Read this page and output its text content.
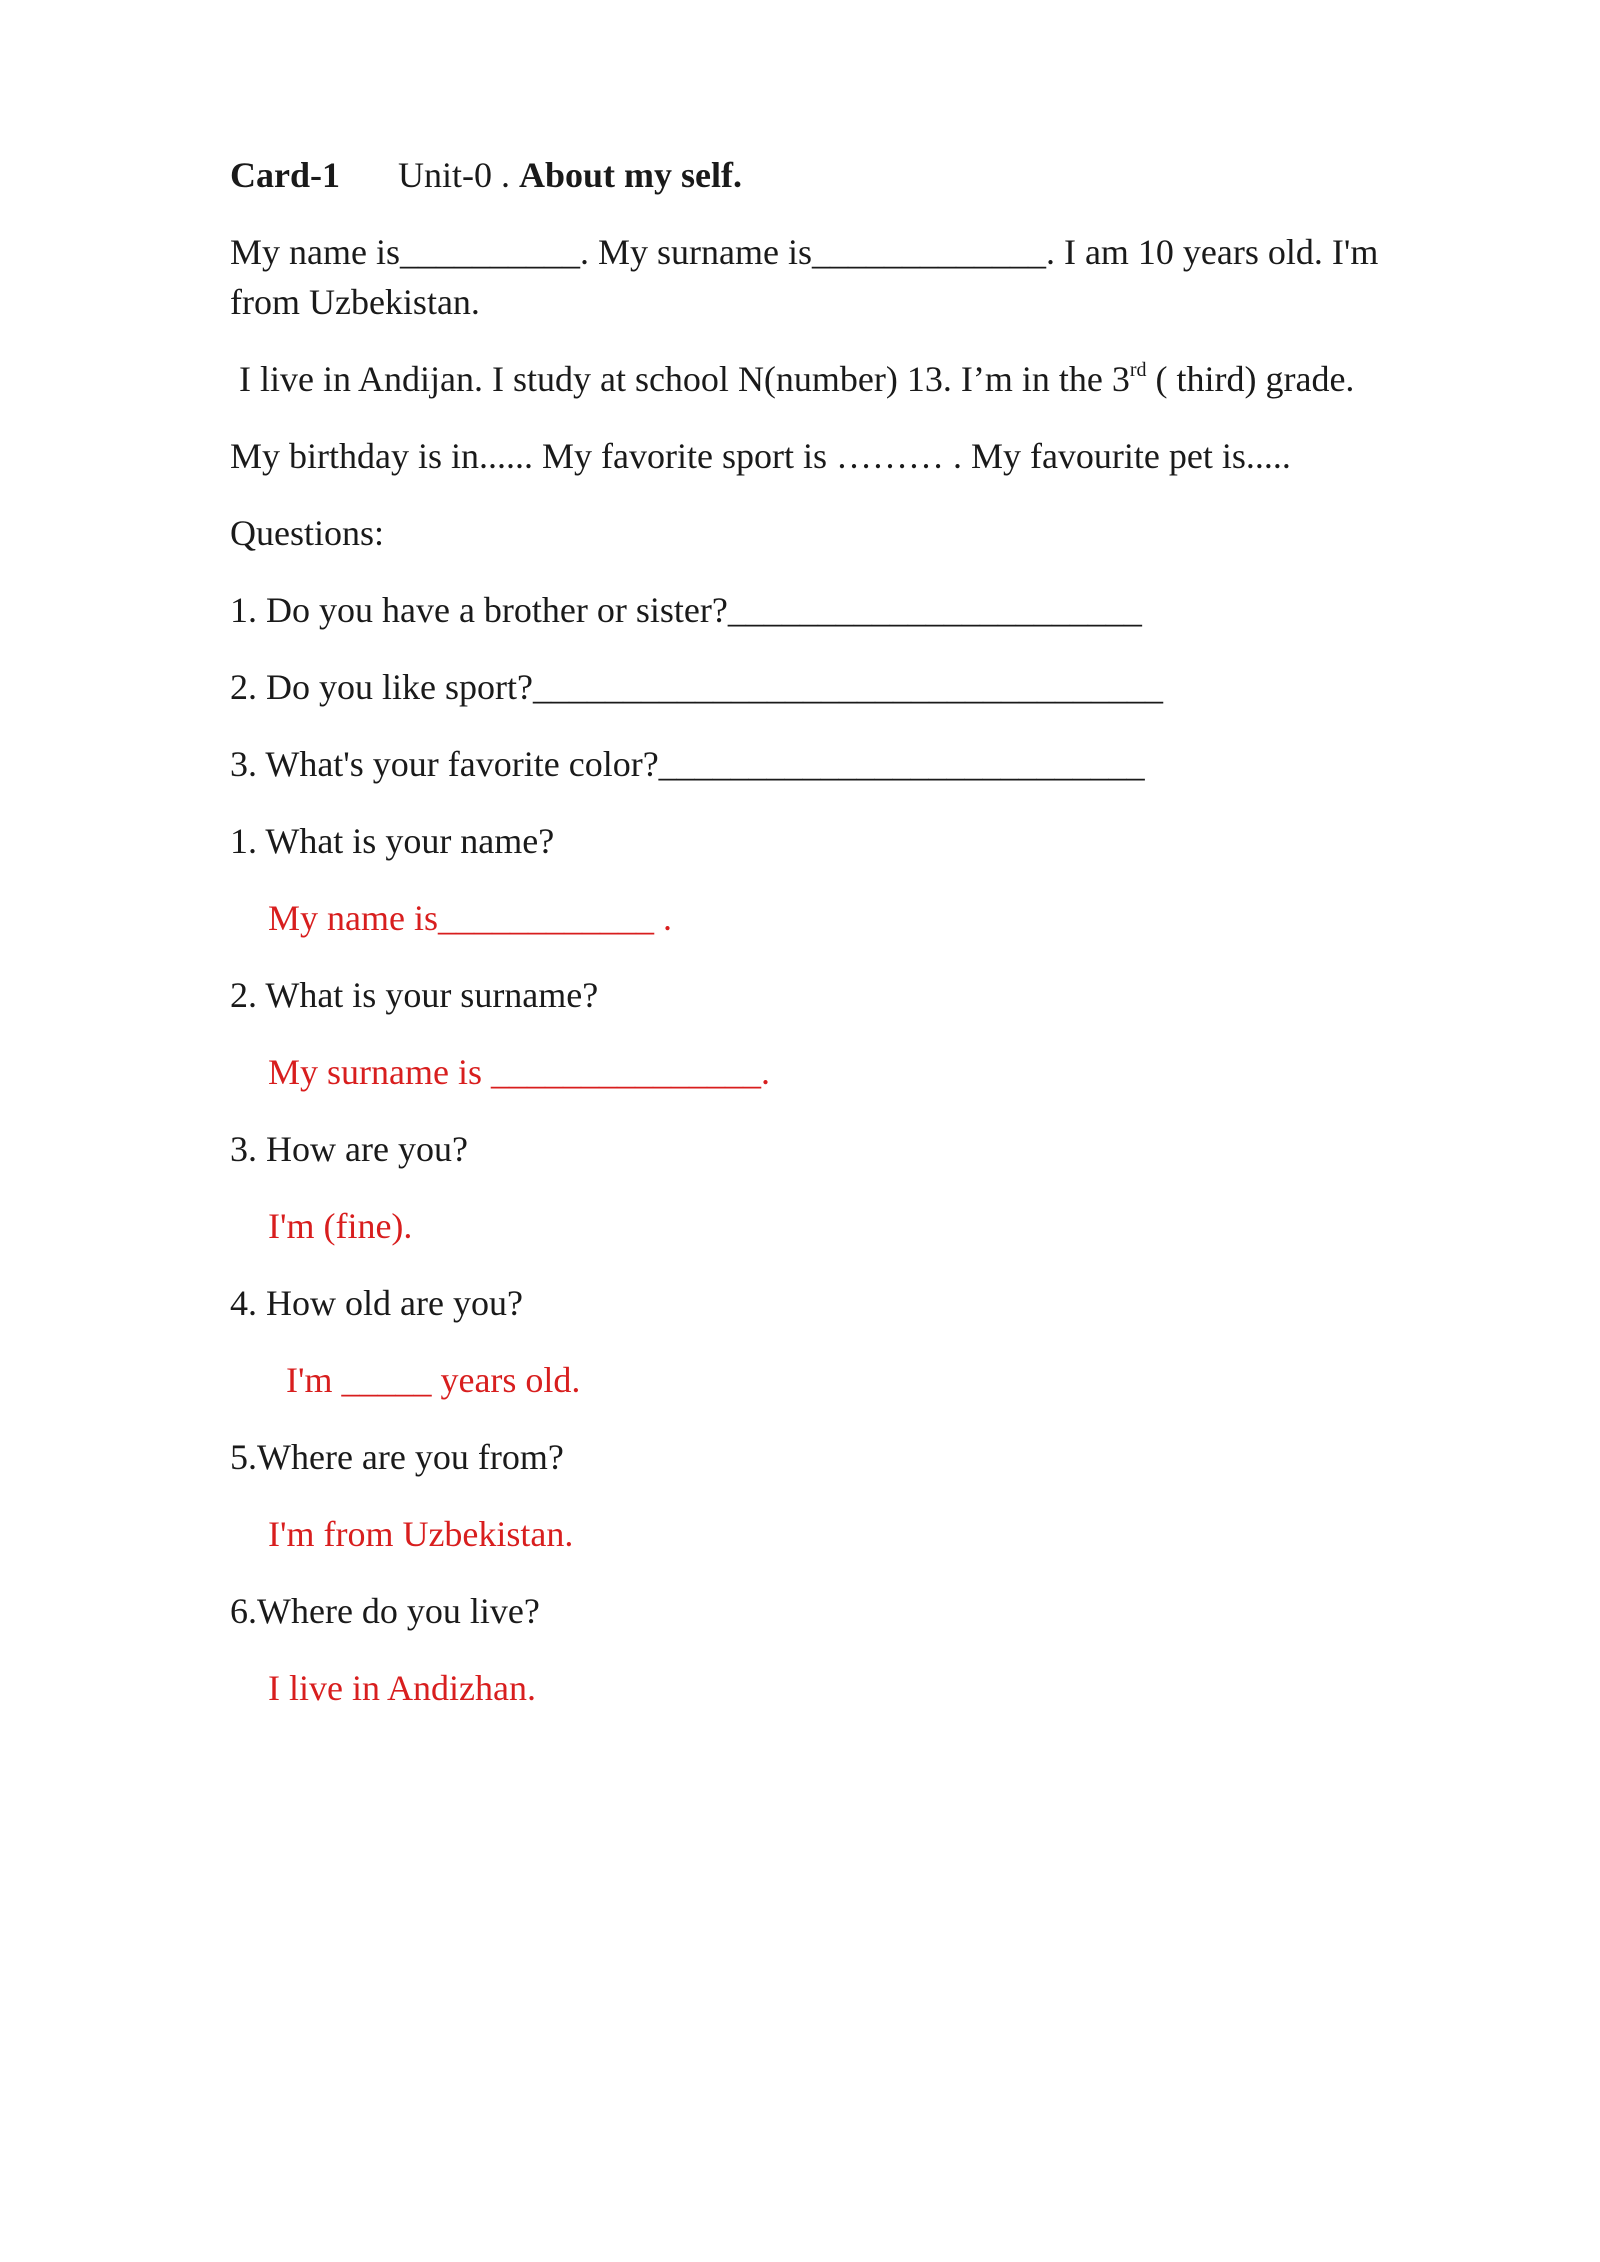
Card-1 Unit-0 . About my self.
My name is__________. My surname is_____________. I am 10 years old. I'm
from Uzbekistan.
I live in Andijan. I study at school N(number) 13. I’m in the 3rd ( third) grade.
My birthday is in...... My favorite sport is ……… . My favourite pet is.....
Questions:
1. Do you have a brother or sister?_______________________
2. Do you like sport?___________________________________
3. What's your favorite color?___________________________
1. What is your name?
My name is____________ .
2. What is your surname?
My surname is _______________.
3. How are you?
I'm (fine).
4. How old are you?
I'm _____ years old.
5.Where are you from?
I'm from Uzbekistan.
6.Where do you live?
I live in Andizhan.
